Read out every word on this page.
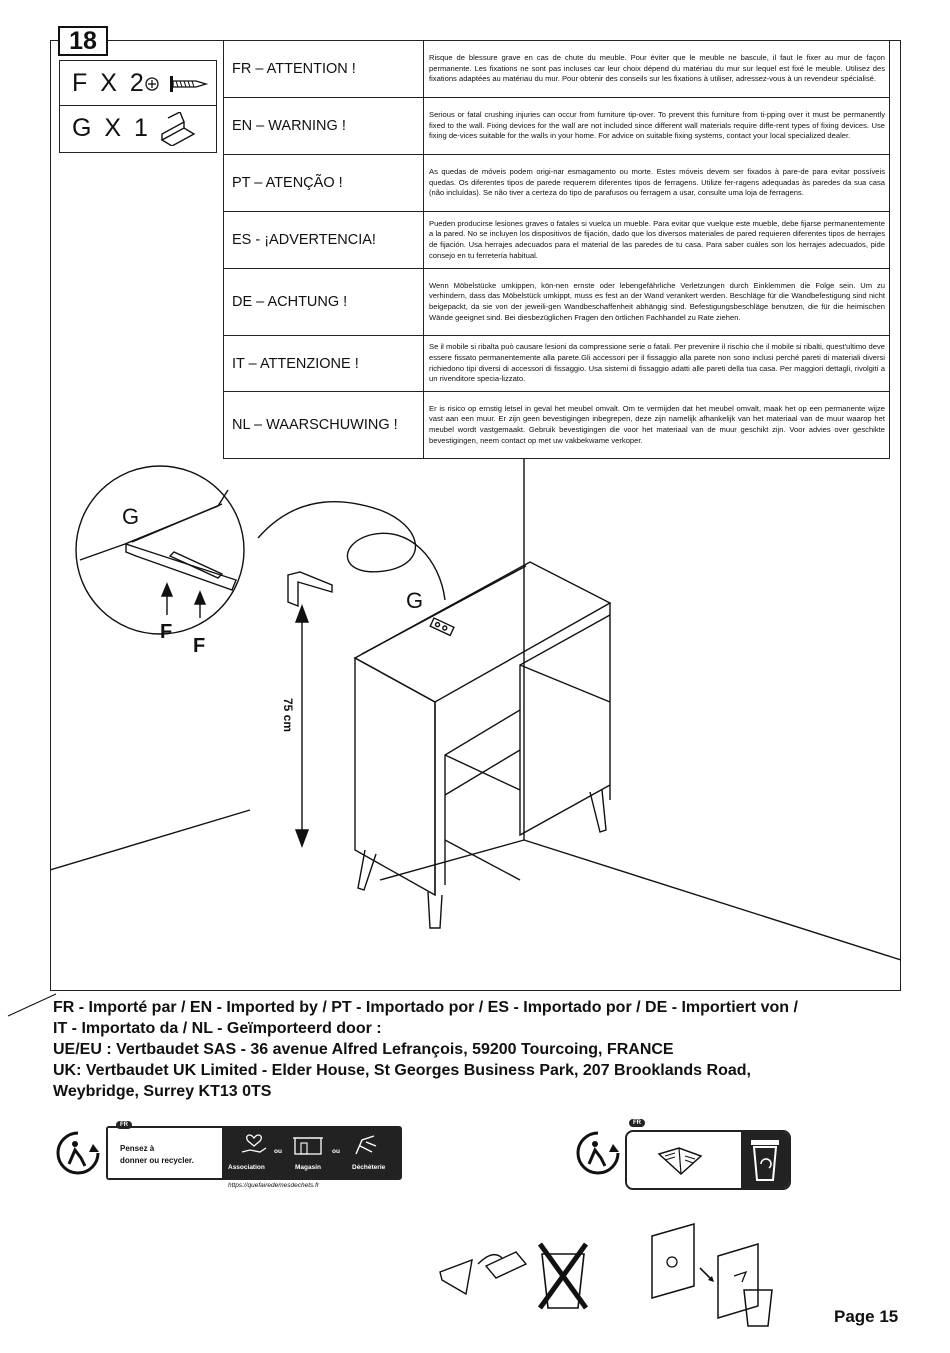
18
F X 2
G X 1
FR – ATTENTION !	Risque de blessure grave en cas de chute du meuble. Pour éviter que le meuble ne bascule, il faut le fixer au mur de façon permanente. Les fixations ne sont pas incluses car leur choix dépend du matériau du mur sur lequel est fixé le meuble. Utilisez des fixations adaptées au matériau du mur. Pour obtenir des conseils sur les fixations à utiliser, adressez-vous à un revendeur spécialisé.
EN – WARNING !	Serious or fatal crushing injuries can occur from furniture tip-over. To prevent this furniture from ti-pping over it must be permanently fixed to the wall. Fixing devices for the wall are not included since different wall materials require diffe-rent types of fixing devices. Use fixing de-vices suitable for the walls in your home. For advice on suitable fixing systems, contact your local specialized dealer.
PT – ATENÇÃO !	As quedas de móveis podem origi-nar esmagamento ou morte. Estes móveis devem ser fixados à pare-de para evitar possíveis quedas. Os diferentes tipos de parede requerem diferentes tipos de ferragens. Utilize fer-ragens adequadas às paredes da sua casa (não incluídas). Se não tiver a certeza do tipo de parafusos ou ferragem a usar, consulte uma loja de ferragens.
ES - ¡ADVERTENCIA!	Pueden producirse lesiones graves o fatales si vuelca un mueble. Para evitar que vuelque este mueble, debe fijarse permanentemente a la pared. No se incluyen los dispositivos de fijación, dado que los diversos materiales de pared requieren diferentes tipos de herrajes de fijación. Usa herrajes adecuados para el material de las paredes de tu casa. Para saber cuáles son los herrajes adecuados, pide consejo en tu ferretería habitual.
DE – ACHTUNG !	Wenn Möbelstücke umkippen, kön-nen ernste oder lebengefährliche Verletzungen durch Einklemmen die Folge sein. Um zu verhindern, dass das Möbelstück umkippt, muss es fest an der Wand verankert werden. Beschläge für die Wandbefestigung sind nicht beigepackt, da sie von der jeweili-gen Wandbeschaffenheit abhängig sind. Befestigungsbeschläge benutzen, die für die heimischen Wände geeignet sind. Bei diesbezüglichen Fragen den örtlichen Fachhandel zu Rate ziehen.
IT – ATTENZIONE !	Se il mobile si ribalta può causare lesioni da compressione serie o fatali. Per prevenire il rischio che il mobile si ribalti, quest'ultimo deve essere fissato permanentemente alla parete.Gli accessori per il fissaggio alla parete non sono inclusi perché pareti di materiali diversi richiedono tipi diversi di accessori di fissaggio. Usa sistemi di fissaggio adatti alle pareti della tua casa. Per maggiori dettagli, rivolgiti a un rivenditore specia-lizzato.
NL – WAARSCHUWING !	Er is risico op ernstig letsel in geval het meubel omvalt. Om te vermijden dat het meubel omvalt, maak het op een permanente wijze vast aan een muur. Er zijn geen bevestigingen inbegrepen, deze zijn namelijk afhankelijk van het materiaal van de muur waarop het meubel wordt vastgemaakt. Gebruik bevestigingen die voor het materiaal van de muur geschikt zijn. Voor advies over geschikte bevestigingen, neem contact op met uw vakbekwame verkoper.
G
F
F
G
75 cm
FR - Importé par / EN - Imported by / PT - Importado por / ES - Importado por / DE - Importiert von /
IT - Importato da / NL - Geïmporteerd door :
UE/EU : Vertbaudet SAS - 36 avenue Alfred Lefrançois, 59200 Tourcoing, FRANCE
UK: Vertbaudet UK Limited - Elder House, St Georges Business Park, 207 Brooklands Road,
Weybridge, Surrey KT13 0TS
FR
Pensez à
donner ou recycler.
ou	ou
Association	Magasin	Déchèterie
https://quefairedemesdechets.fr
FR
Page 15
